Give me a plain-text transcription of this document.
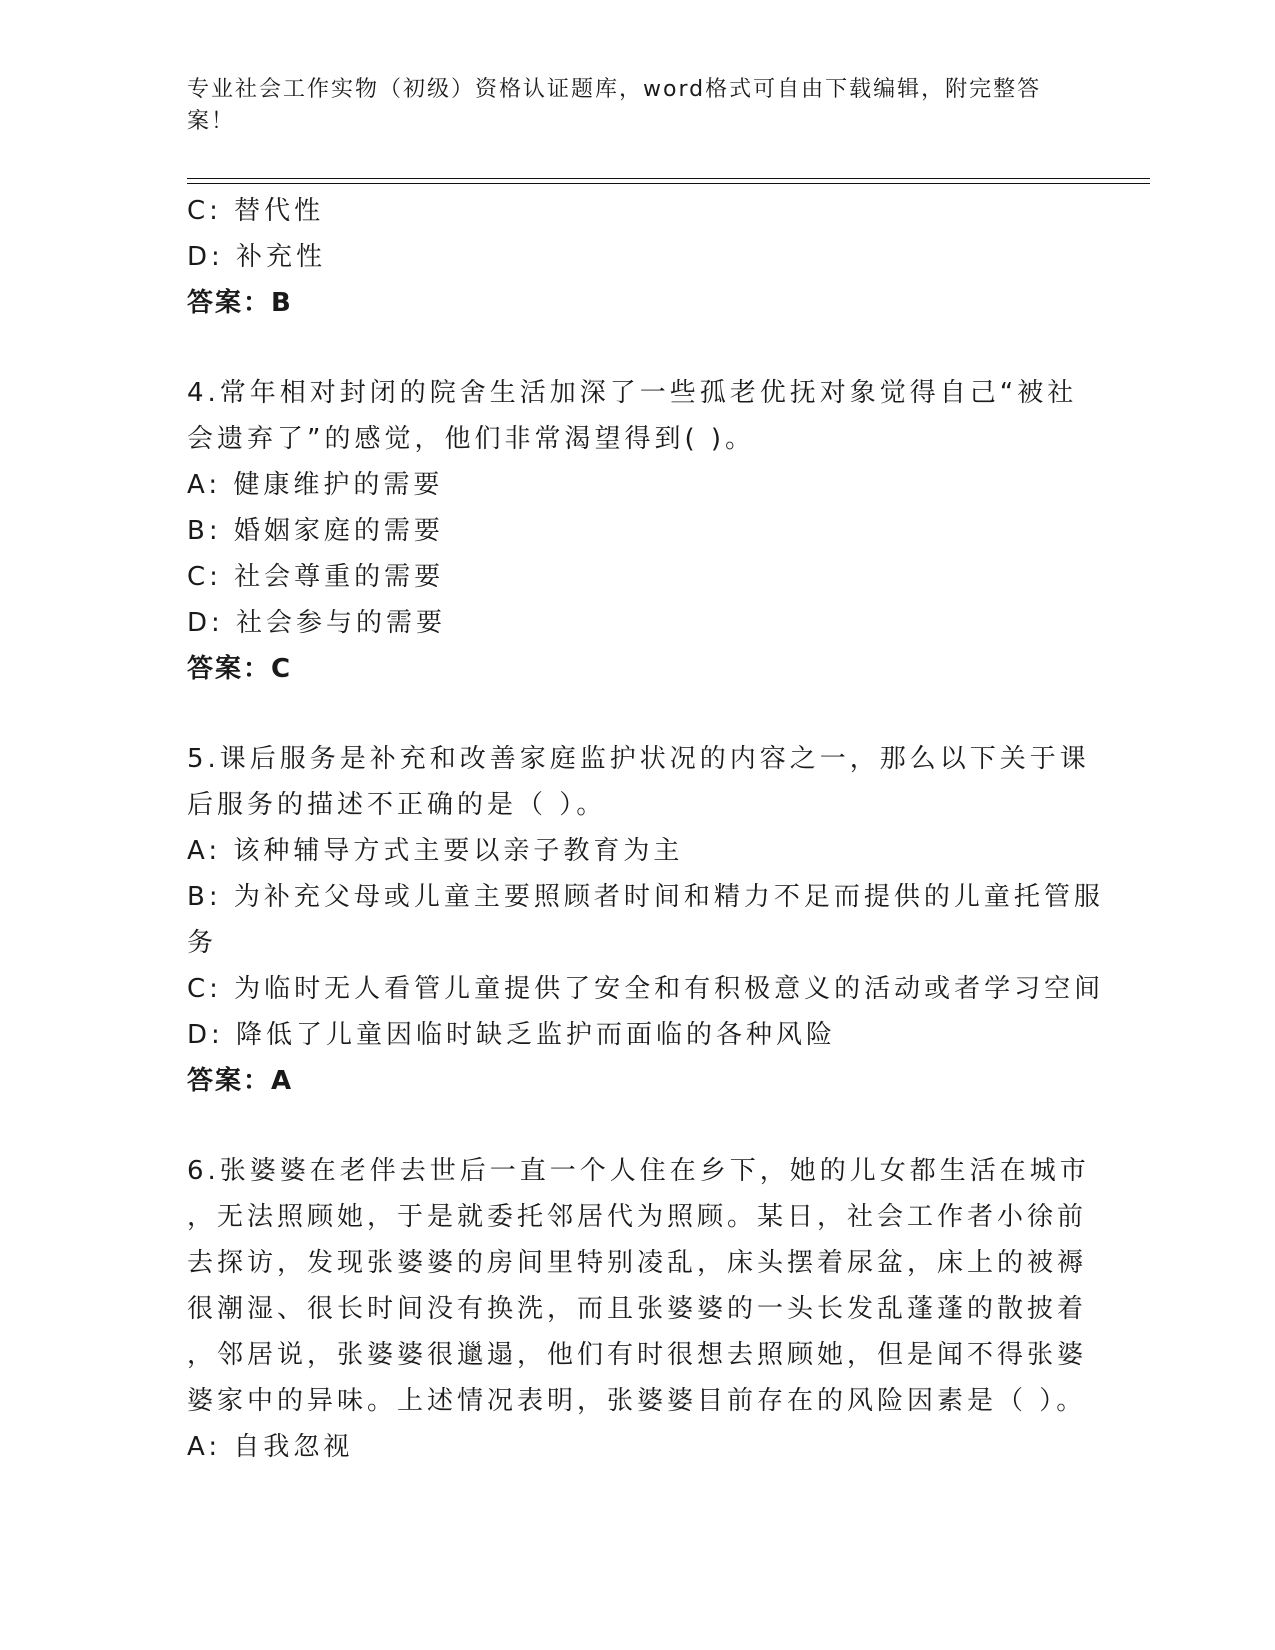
专业社会工作实物（初级）资格认证题库，word格式可自由下载编辑，附完整答
案！
C: 替代性
D: 补充性
答案：B
4.常年相对封闭的院舍生活加深了一些孤老优抚对象觉得自己“被社
会遗弃了”的感觉，他们非常渴望得到( )。
A: 健康维护的需要
B: 婚姻家庭的需要
C: 社会尊重的需要
D: 社会参与的需要
答案：C
5.课后服务是补充和改善家庭监护状况的内容之一，那么以下关于课
后服务的描述不正确的是（ ）。
A: 该种辅导方式主要以亲子教育为主
B: 为补充父母或儿童主要照顾者时间和精力不足而提供的儿童托管服
务
C: 为临时无人看管儿童提供了安全和有积极意义的活动或者学习空间
D: 降低了儿童因临时缺乏监护而面临的各种风险
答案：A
6.张婆婆在老伴去世后一直一个人住在乡下，她的儿女都生活在城市
，无法照顾她，于是就委托邻居代为照顾。某日，社会工作者小徐前
去探访，发现张婆婆的房间里特别凌乱，床头摆着尿盆，床上的被褥
很潮湿、很长时间没有换洗，而且张婆婆的一头长发乱蓬蓬的散披着
，邻居说，张婆婆很邋遢，他们有时很想去照顾她，但是闻不得张婆
婆家中的异味。上述情况表明，张婆婆目前存在的风险因素是（ ）。
A: 自我忽视
